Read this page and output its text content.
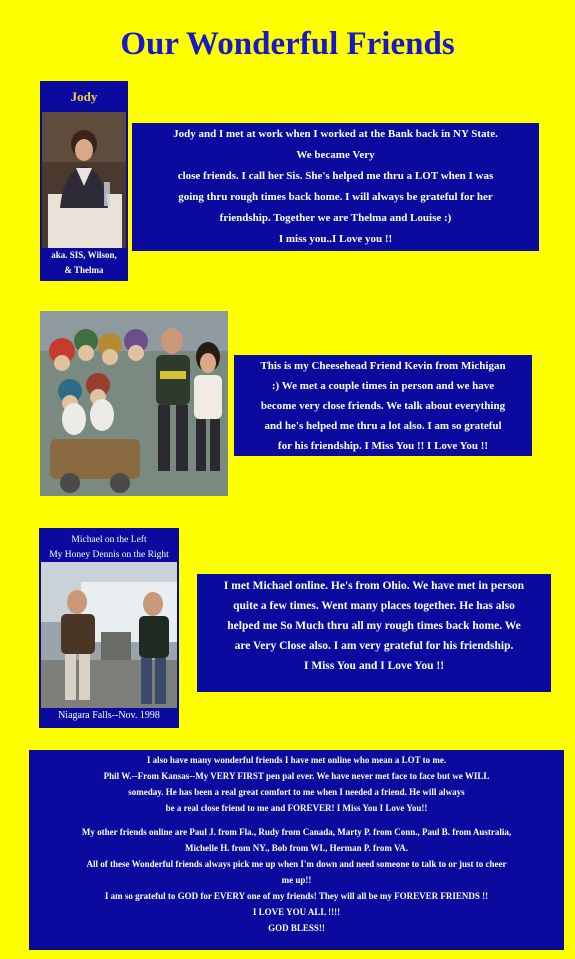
Our Wonderful Friends
Jody
aka. SIS, Wilson,
& Thelma
Jody and I met at work when I worked at the Bank back in NY State.
We became Very
close friends. I call her Sis. She's helped me thru a LOT when I was
going thru rough times back home. I will always be grateful for her
friendship. Together we are Thelma and Louise :)
I miss you..I Love you !!
This is my Cheesehead Friend Kevin from Michigan
:) We met a couple times in person and we have
become very close friends. We talk about everything
and he's helped me thru a lot also. I am so grateful
for his friendship. I Miss You !! I Love You !!
Michael on the Left
My Honey Dennis on the Right
Niagara Falls--Nov. 1998
I met Michael online. He's from Ohio. We have met in person
quite a few times. Went many places together. He has also
helped me So Much thru all my rough times back home. We
are Very Close also. I am very grateful for his friendship.
I Miss You and I Love You !!
I also have many wonderful friends I have met online who mean a LOT to me.
Phil W.--From Kansas--My VERY FIRST pen pal ever. We have never met face to face but we WILL
someday. He has been a real great comfort to me when I needed a friend. He will always
be a real close friend to me and FOREVER! I Miss You I Love You!!
My other friends online are Paul J. from Fla., Rudy from Canada, Marty P. from Conn., Paul B. from Australia,
Michelle H. from NY., Bob from WI., Herman P. from VA.
All of these Wonderful friends always pick me up when I'm down and need someone to talk to or just to cheer
me up!!
I am so grateful to GOD for EVERY one of my friends! They will all be my FOREVER FRIENDS !!
I LOVE YOU ALL !!!!
GOD BLESS!!
